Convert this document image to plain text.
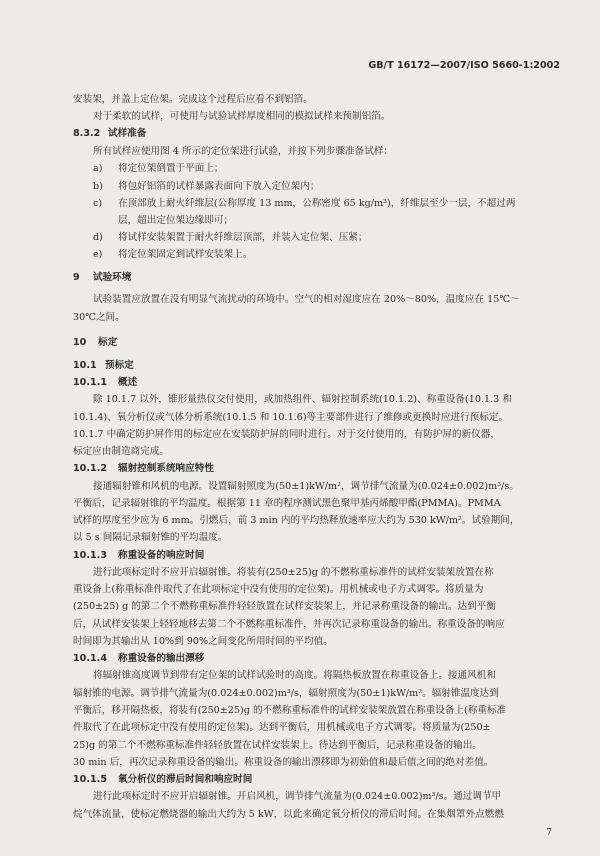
GB/T 16172—2007/ISO 5660-1:2002
安装架，并盖上定位架。完成这个过程后应看不到铝箔。
对于柔软的试样，可使用与试验试样厚度相同的模拟试样来预制铝箔。
8.3.2 试样准备
所有试样应使用图 4 所示的定位架进行试验，并按下列步骤准备试样：
a) 将定位架倒置于平面上；
b) 将包好铝箔的试样暴露表面向下放入定位架内；
c) 在顶部放上耐火纤维层(公称厚度 13 mm，公称密度 65 kg/m³)，纤维层至少一层，不超过两
层，超出定位架边缘即可；
d) 将试样安装架置于耐火纤维层顶部，并装入定位架、压紧；
e) 将定位架固定到试样安装架上。
9 试验环境
试验装置应放置在没有明显气流扰动的环境中。空气的相对湿度应在 20%～80%，温度应在 15℃～
30℃之间。
10 标定
10.1 预标定
10.1.1 概述
除 10.1.7 以外，锥形量热仪交付使用，或加热组件、辐射控制系统(10.1.2)、称重设备(10.1.3 和
10.1.4)、氧分析仪或气体分析系统(10.1.5 和 10.1.6)等主要部件进行了维修或更换时应进行预标定。
10.1.7 中确定防护屏作用的标定应在安装防护屏的同时进行。对于交付使用的，有防护屏的新仪器，
标定应由制造商完成。
10.1.2 辐射控制系统响应特性
接通辐射锥和风机的电源。设置辐射照度为(50±1)kW/m²，调节排气流量为(0.024±0.002)m³/s。
平衡后，记录辐射锥的平均温度。根据第 11 章的程序测试黑色聚甲基丙烯酸甲酯(PMMA)。PMMA
试样的厚度至少应为 6 mm。引燃后，前 3 min 内的平均热释放速率应大约为 530 kW/m²。试验期间，
以 5 s 间隔记录辐射锥的平均温度。
10.1.3 称重设备的响应时间
进行此项标定时不应开启辐射锥。将装有(250±25)g 的不燃称重标准件的试样安装架放置在称
重设备上(称重标准件取代了在此项标定中没有使用的定位架)。用机械或电子方式调零。将质量为
(250±25) g 的第二个不燃称重标准件轻轻放置在试样安装架上，并记录称重设备的输出。达到平衡
后，从试样安装架上轻轻地移去第二个不燃称重标准件，并再次记录称重设备的输出。称重设备的响应
时间即为其输出从 10%到 90%之间变化所用时间的平均值。
10.1.4 称重设备的输出漂移
将辐射锥高度调节到带有定位架的试样试验时的高度。将隔热板放置在称重设备上。接通风机和
辐射锥的电源。调节排气流量为(0.024±0.002)m³/s，辐射照度为(50±1)kW/m²。辐射锥温度达到
平衡后，移开隔热板，将装有(250±25)g 的不燃称重标准件的试样安装架放置在称重设备上(称重标准
件取代了在此项标定中没有使用的定位架)。达到平衡后，用机械或电子方式调零。将质量为(250±
25)g 的第二个不燃称重标准件轻轻放置在试样安装架上。待达到平衡后，记录称重设备的输出。
30 min 后，再次记录称重设备的输出。称重设备的输出漂移即为初始值和最后值之间的绝对差值。
10.1.5 氧分析仪的滞后时间和响应时间
进行此项标定时不应开启辐射锥。开启风机，调节排气流量为(0.024±0.002)m³/s。通过调节甲
烷气体流量，使标定燃烧器的输出大约为 5 kW，以此来确定氧分析仪的滞后时间。在集烟罩外点燃燃
7
